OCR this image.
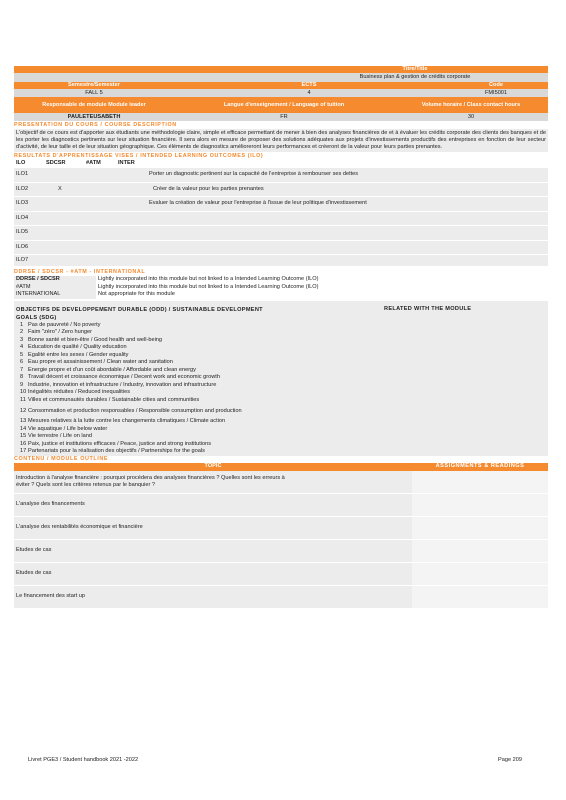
Titre/Title
Business plan & gestion de crédits corporate
Semestre/Semester	ECTS	Code
FALL 5	4	FMI5001
Responsable de module Module leader	Langue d'enseignement / Language of tuition	Volume horaire / Class contact hours
PAULETEUSABETH	FR	30
PRESENTATION DU COURS / COURSE DESCRIPTION
L'objectif de ce cours est d'apporter aux étudiants une méthodologie claire, simple et efficace permettant de mener à bien des analyses financières de et à évaluer les crédits corporate des clients des banques et de les porter les diagnostics pertinents sur leur situation financière. Il sera alors en mesure de proposer des solutions adéquates aux projets d'investissements productifs des entreprises en fonction de leur secteur d'activité, de leur taille et de leur situation géographique. Ces éléments de diagnostics amélioreront leurs performances et créeront de la valeur pour leurs parties prenantes.
RESULTATS D'APPRENTISSAGE VISES / INTENDED LEARNING OUTCOMES (ILO)
ILO	SDCSR	#ATM	INTER
ILO1	Porter un diagnostic pertinent sur la capacité de l'entreprise à rembourser ses dettes
ILO2	X	Créer de la valeur pour les parties prenantes
ILO3	Evaluer la création de valeur pour l'entreprise à l'issue de leur politique d'investissement
ILO4
ILO5
ILO6
ILO7
DDRSE / SDCSR - #ATM - INTERNATIONAL
DDRSE / SDCSR	Lightly incorporated into this module but not linked to a Intended Learning Outcome (ILO)
#ATM	Lightly incorporated into this module but not linked to a Intended Learning Outcome (ILO)
INTERNATIONAL	Not appropriate for this module
OBJECTIFS DE DEVELOPPEMENT DURABLE (ODD) / SUSTAINABLE DEVELOPMENT GOALS (SDG)
RELATED WITH THE MODULE
1 Pas de pauvreté / No poverty
2 Faim "zéro" / Zero hunger
3 Bonne santé et bien-être / Good health and well-being
4 Education de qualité / Quality education
5 Egalité entre les sexes / Gender equality
6 Eau propre et assainissement / Clean water and sanitation
7 Energie propre et d'un coût abordable / Affordable and clean energy
8 Travail décent et croissance économique / Decent work and economic growth
9 Industrie, innovation et infrastructure / Industry, innovation and infrastructure
10 Inégalités réduites / Reduced inequalities
11 Villes et communautés durables / Sustainable cities and communities
12 Consommation et production responsables / Responsible consumption and production
13 Mesures relatives à la lutte contre les changements climatiques / Climate action
14 Vie aquatique / Life below water
15 Vie terrestre / Life on land
16 Paix, justice et institutions efficaces / Peace, justice and strong institutions
17 Partenariats pour la réalisation des objectifs / Partnerships for the goals
CONTENU / MODULE OUTLINE
TOPIC	ASSIGNMENTS & READINGS
Introduction à l'analyse financière : pourquoi procédera des analyses financières ? Quelles sont les erreurs à éviter ? Quels sont les critères retenus par le banquier ?
L'analyse des financements
L'analyse des rentabilités économique et financière
Etudes de cas
Etudes de cas
Le financement des start up
Livret PGE3 / Student handbook 2021 -2022	Page 209
